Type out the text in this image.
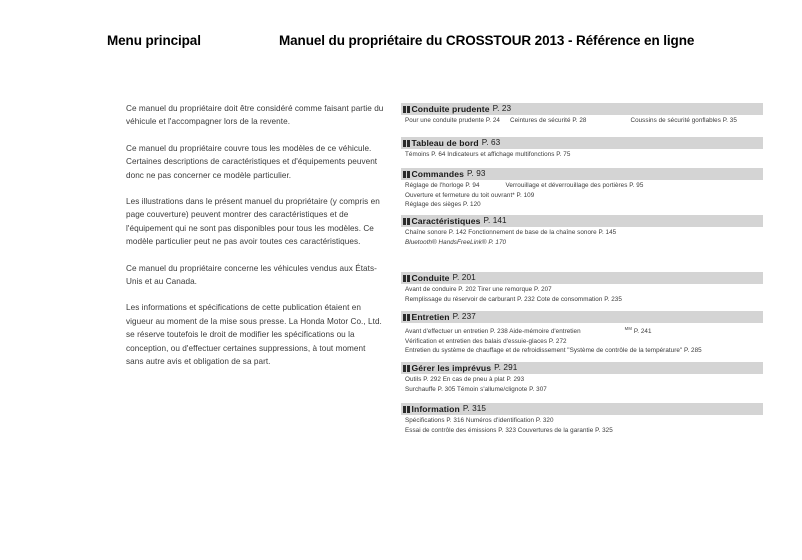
Menu principal	Manuel du propriétaire du CROSSTOUR 2013 - Référence en ligne

Ce manuel du propriétaire doit être considéré comme faisant partie du véhicule et l'accompagner lors de la revente.

Ce manuel du propriétaire couvre tous les modèles de ce véhicule. Certaines descriptions de caractéristiques et d'équipements peuvent donc ne pas concerner ce modèle particulier.

Les illustrations dans le présent manuel du propriétaire (y compris en page couverture) peuvent montrer des caractéristiques et de l'équipement qui ne sont pas disponibles pour tous les modèles. Ce modèle particulier peut ne pas avoir toutes ces caractéristiques.

Ce manuel du propriétaire concerne les véhicules vendus aux États-Unis et au Canada.

Les informations et spécifications de cette publication étaient en vigueur au moment de la mise sous presse. La Honda Motor Co., Ltd. se réserve toutefois le droit de modifier les spécifications ou la conception, ou d'effectuer certaines suppressions, à tout moment sans autre avis et obligation de sa part.

Conduite prudente P. 23
Pour une conduite prudente P. 24 Ceintures de sécurité P. 28	Coussins de sécurité gonflables P. 35
Tableau de bord P. 63
Témoins P. 64 Indicateurs et affichage multifonctions P. 75
Commandes P. 93
Réglage de l'horloge P. 94	Verrouillage et déverrouillage des portières P. 95
Ouverture et fermeture du toit ouvrant* P. 109
Réglage des sièges P. 120
Caractéristiques P. 141
Chaîne sonore P. 142 Fonctionnement de base de la chaîne sonore P. 145
Bluetooth® HandsFreeLink® P. 170
Conduite P. 201
Avant de conduire P. 202 Tirer une remorque P. 207
Remplissage du réservoir de carburant P. 232 Cote de consommation P. 235
Entretien P. 237
Avant d'effectuer un entretien P. 238 Aide-mémoire d'entretien	MM P. 241
Vérification et entretien des balais d'essuie-glaces P. 272
Entretien du système de chauffage et de refroidissement "Système de contrôle de la température" P. 285
Gérer les imprévus P. 291
Outils P. 292 En cas de pneu à plat P. 293
Surchauffe P. 305 Témoin s'allume/clignote P. 307
Information P. 315
Spécifications P. 316 Numéros d'identification P. 320
Essai de contrôle des émissions P. 323 Couvertures de la garantie P. 325
